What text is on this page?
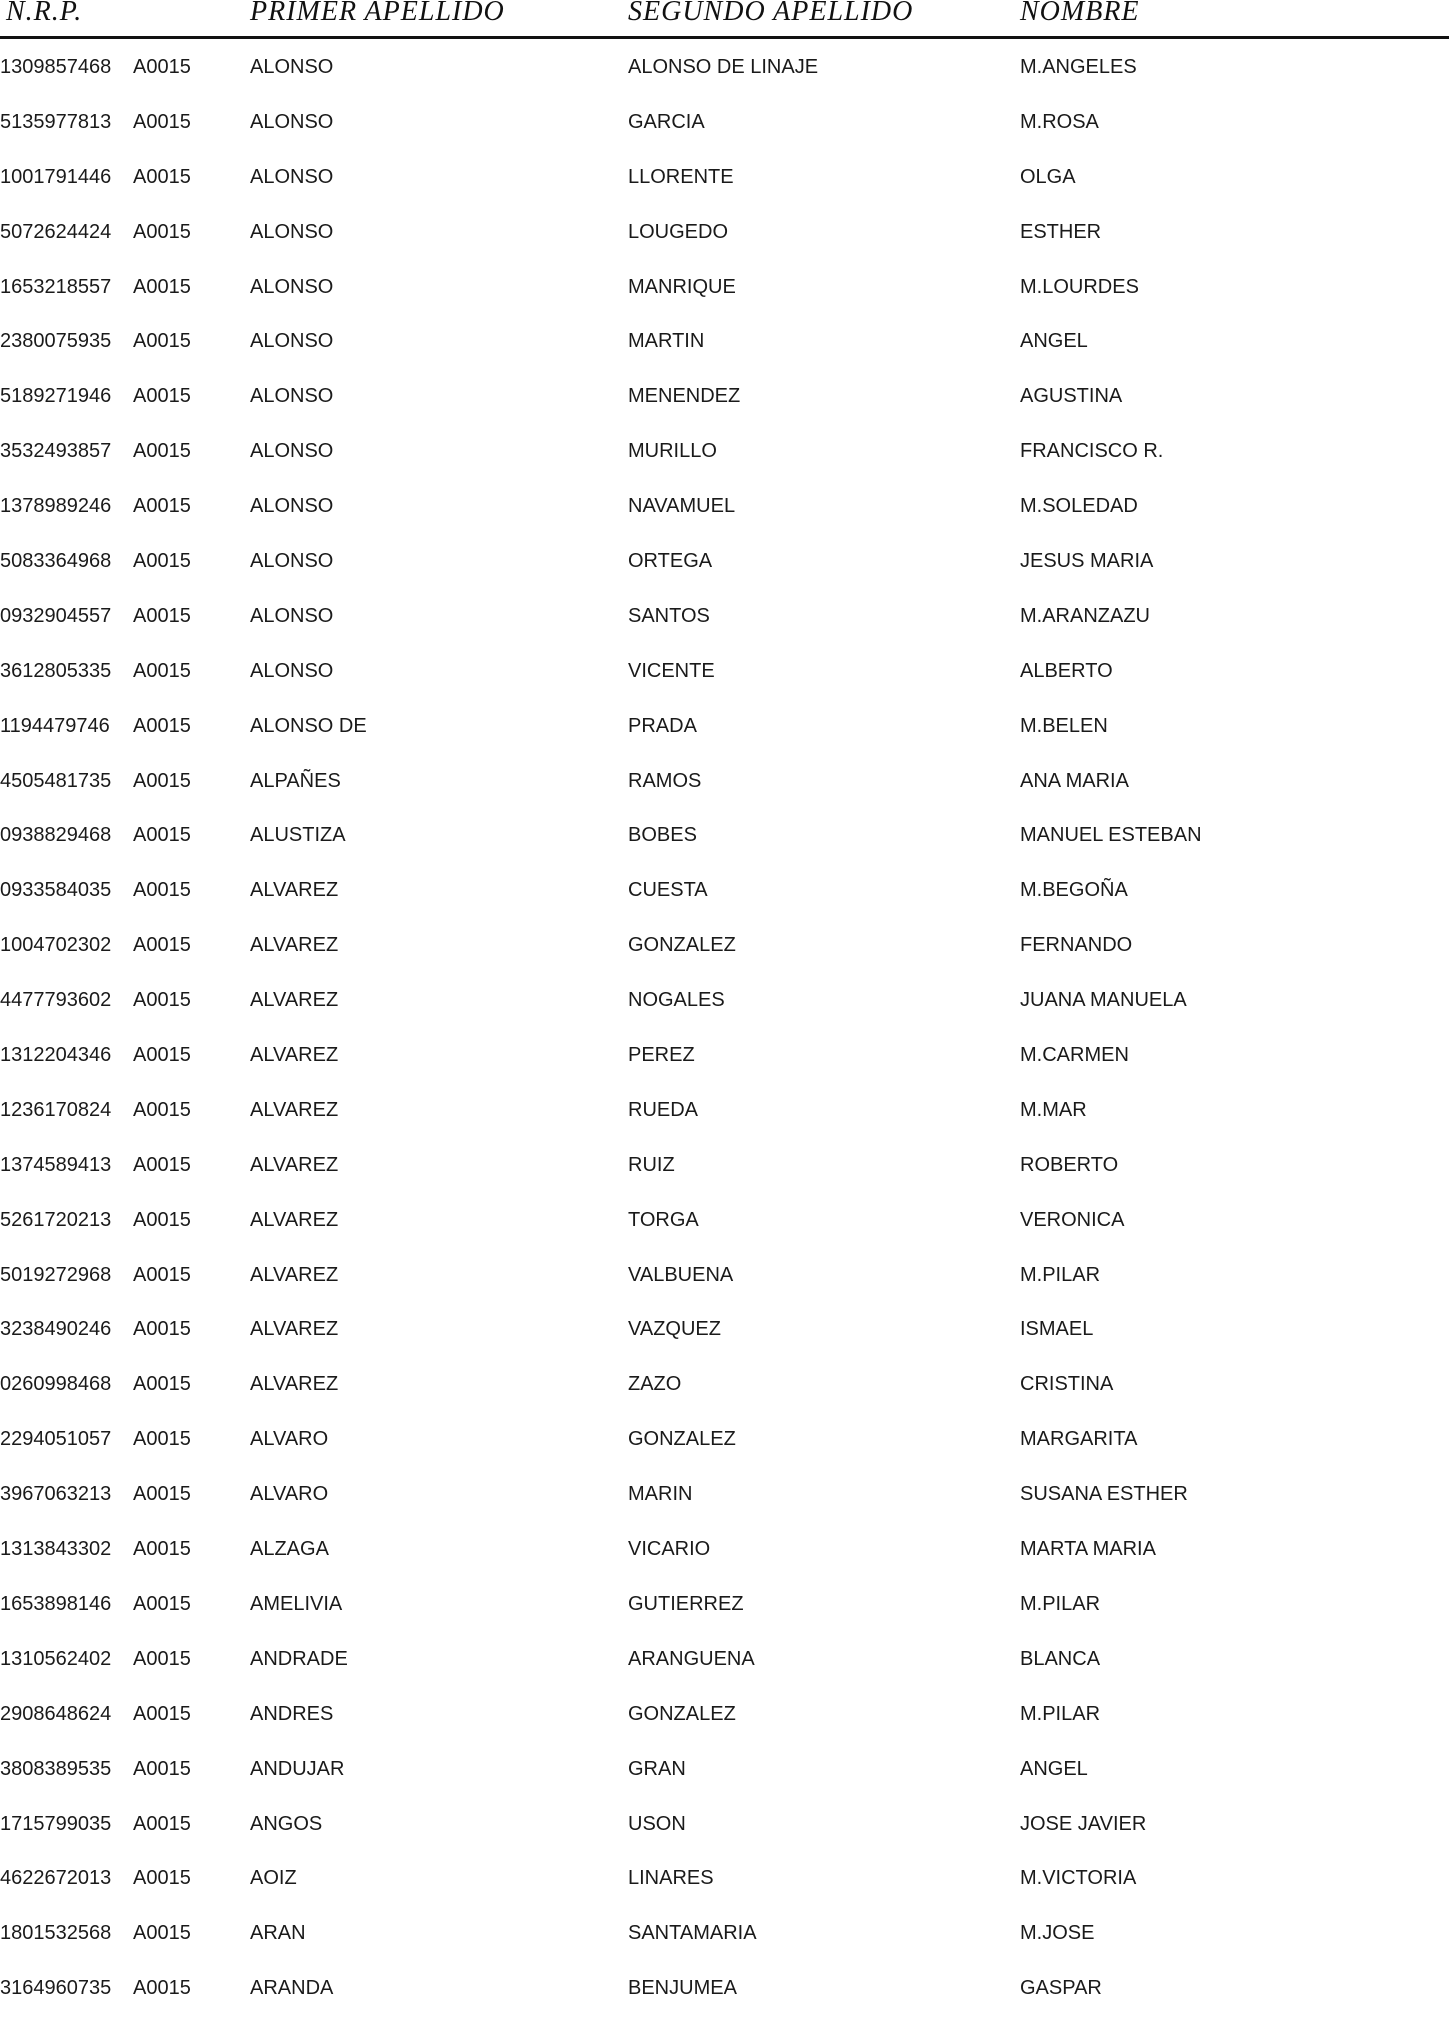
N.R.P.	PRIMER APELLIDO	SEGUNDO APELLIDO	NOMBRE
1309857468 A0015	ALONSO	ALONSO DE LINAJE	M.ANGELES
5135977813 A0015	ALONSO	GARCIA	M.ROSA
1001791446 A0015	ALONSO	LLORENTE	OLGA
5072624424 A0015	ALONSO	LOUGEDO	ESTHER
1653218557 A0015	ALONSO	MANRIQUE	M.LOURDES
2380075935 A0015	ALONSO	MARTIN	ANGEL
5189271946 A0015	ALONSO	MENENDEZ	AGUSTINA
3532493857 A0015	ALONSO	MURILLO	FRANCISCO R.
1378989246 A0015	ALONSO	NAVAMUEL	M.SOLEDAD
5083364968 A0015	ALONSO	ORTEGA	JESUS MARIA
0932904557 A0015	ALONSO	SANTOS	M.ARANZAZU
3612805335 A0015	ALONSO	VICENTE	ALBERTO
1194479746 A0015	ALONSO DE	PRADA	M.BELEN
4505481735 A0015	ALPAÑES	RAMOS	ANA MARIA
0938829468 A0015	ALUSTIZA	BOBES	MANUEL ESTEBAN
0933584035 A0015	ALVAREZ	CUESTA	M.BEGOÑA
1004702302 A0015	ALVAREZ	GONZALEZ	FERNANDO
4477793602 A0015	ALVAREZ	NOGALES	JUANA MANUELA
1312204346 A0015	ALVAREZ	PEREZ	M.CARMEN
1236170824 A0015	ALVAREZ	RUEDA	M.MAR
1374589413 A0015	ALVAREZ	RUIZ	ROBERTO
5261720213 A0015	ALVAREZ	TORGA	VERONICA
5019272968 A0015	ALVAREZ	VALBUENA	M.PILAR
3238490246 A0015	ALVAREZ	VAZQUEZ	ISMAEL
0260998468 A0015	ALVAREZ	ZAZO	CRISTINA
2294051057 A0015	ALVARO	GONZALEZ	MARGARITA
3967063213 A0015	ALVARO	MARIN	SUSANA ESTHER
1313843302 A0015	ALZAGA	VICARIO	MARTA MARIA
1653898146 A0015	AMELIVIA	GUTIERREZ	M.PILAR
1310562402 A0015	ANDRADE	ARANGUENA	BLANCA
2908648624 A0015	ANDRES	GONZALEZ	M.PILAR
3808389535 A0015	ANDUJAR	GRAN	ANGEL
1715799035 A0015	ANGOS	USON	JOSE JAVIER
4622672013 A0015	AOIZ	LINARES	M.VICTORIA
1801532568 A0015	ARAN	SANTAMARIA	M.JOSE
3164960735 A0015	ARANDA	BENJUMEA	GASPAR
